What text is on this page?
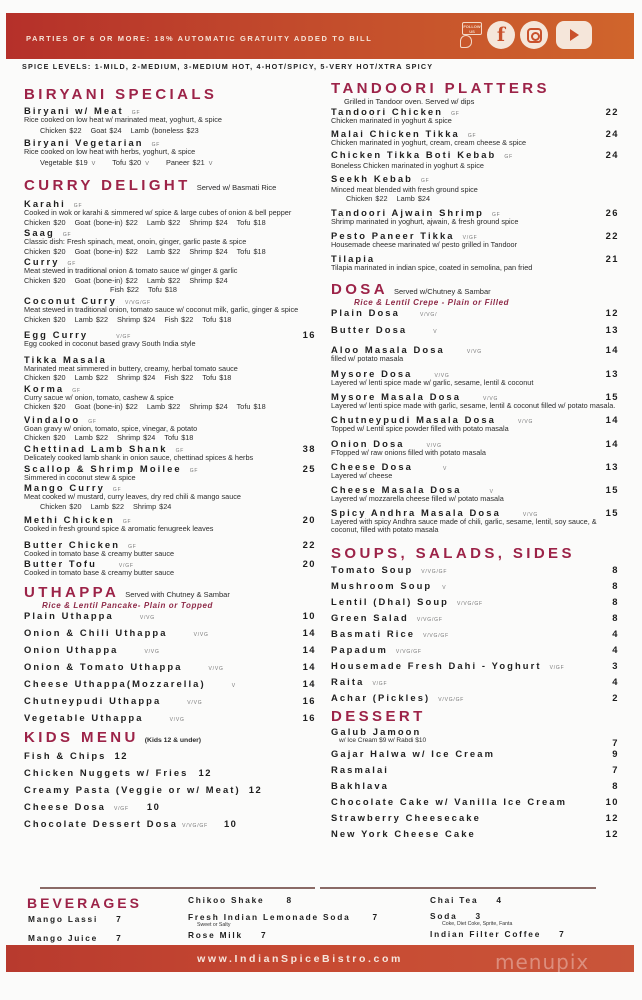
PARTIES OF 6 OR MORE: 18% AUTOMATIC GRATUITY ADDED TO BILL
FOLLOW US	f
SPICE LEVELS: 1-MILD, 2-MEDIUM, 3-MEDIUM HOT, 4-HOT/SPICY, 5-VERY HOT/XTRA SPICY
BIRYANI SPECIALS
Biryani w/ Meat GF
Rice cooked on low heat w/ marinated meat, yoghurt, & spice
Chicken $22 Goat $24 Lamb (boneless $23
Biryani Vegetarian GF
Rice cooked on low heat with herbs, yoghurt, & spice
Vegetable $19 V Tofu $20 V Paneer $21 V
CURRY DELIGHT Served w/ Basmati Rice
Karahi GF
Cooked in wok or karahi & simmered w/ spice & large cubes of onion & bell pepper
Chicken $20 Goat (bone-in) $22 Lamb $22 Shrimp $24 Tofu $18
Saag GF
Classic dish: Fresh spinach, meat, onoin, ginger, garlic paste & spice
Chicken $20 Goat (bone-in) $22 Lamb $22 Shrimp $24 Tofu $18
Curry GF
Meat stewed in traditional onion & tomato sauce w/ ginger & garlic
Chicken $20 Goat (bone-in) $22 Lamb $22 Shrimp $24
Fish $22 Tofu $18
Coconut Curry V/VG/GF
Meat stewed in traditional onion, tomato sauce w/ coconut milk, garlic, ginger & spice
Chicken $20 Lamb $22 Shrimp $24 Fish $22 Tofu $18
Egg Curry	V/GF	16
Egg cooked in coconut based gravy South India style
Tikka Masala
Marinated meat simmered in buttery, creamy, herbal tomato sauce
Chicken $20 Lamb $22 Shrimp $24 Fish $22 Tofu $18
Korma GF
Curry sacue w/ onion, tomato, cashew & spice
Chicken $20 Goat (bone-in) $22 Lamb $22 Shrimp $24 Tofu $18
Vindaloo GF
Goan gravy w/ onion, tomato, spice, vinegar, & potato
Chicken $20 Lamb $22 Shrimp $24 Tofu $18
Chettinad Lamb Shank GF	38
Delicately cooked lamb shank in onion sauce, chettinad spices & herbs
Scallop & Shrimp Moilee GF	25
Simmered in coconut stew & spice
Mango Curry GF
Meat cooked w/ mustard, curry leaves, dry red chili & mango sauce
Chicken $20 Lamb $22 Shrimp $24
Methi Chicken GF	20
Cooked in fresh ground spice & aromatic fenugreek leaves
Butter Chicken GF	22
Cooked in tomato base & creamy butter sauce
Butter Tofu	V/GF	20
Cooked in tomato base & creamy butter sauce
UTHAPPA Served with Chutney & Sambar
Rice & Lentil Pancake- Plain or Topped
Plain Uthappa	V/VG	10
Onion & Chili Uthappa	V/VG	14
Onion Uthappa	V/VG	14
Onion & Tomato Uthappa	V/VG	14
Cheese Uthappa(Mozzarella)	V	14
Chutneypudi Uthappa	V/VG	16
Vegetable Uthappa	V/VG	16
KIDS MENU (Kids 12 & under)
Fish & Chips 12
Chicken Nuggets w/ Fries 12
Creamy Pasta (Veggie or w/ Meat) 12
Cheese Dosa V/GF 10
Chocolate Dessert Dosa V/VG/GF 10
TANDOORI PLATTERS
Grilled in Tandoor oven. Served w/ dips
Tandoori Chicken GF	22
Chicken marinated in yoghurt & spice
Malai Chicken Tikka GF	24
Chicken marinated in yoghurt, cream, cream cheese & spice
Chicken Tikka Boti Kebab GF	24
Boneless Chicken marinated in yoghurt & spice
Seekh Kebab GF
Minced meat blended with fresh ground spice
Chicken $22 Lamb $24
Tandoori Ajwain Shrimp GF	26
Shrimp marinated in yoghurt, ajwain, & fresh ground spice
Pesto Paneer Tikka V/GF	22
Housemade cheese marinated w/ pesto grilled in Tandoor
Tilapia	21
Tilapia marinated in indian spice, coated in semolina, pan fried
DOSA Served w/Chutney & Sambar
Rice & Lentil Crepe - Plain or Filled
Plain Dosa	V/VG/	12
Butter Dosa	V	13
Aloo Masala Dosa	V/VG	14
filled w/ potato masala
Mysore Dosa	V/VG	13
Layered w/ lenti spice made w/ garlic, sesame, lentil & coconut
Mysore Masala Dosa	V/VG	15
Layered w/ lenti spice made with garlic, sesame, lentil & coconut filled w/ potato masala.
Chutneypudi Masala Dosa	V/VG	14
Topped w/ Lentil spice powder filled with potato masala
Onion Dosa	V/VG	14
FTopped w/ raw onions filled with potato masala
Cheese Dosa	V	13
Layered w/ cheese
Cheese Masala Dosa	V	15
Layered w/ mozzarella cheese filled w/ potato masala
Spicy Andhra Masala Dosa	V/VG	15
Layered with spicy Andhra sauce made of chili, garlic, sesame, lentil, soy sauce, & coconut, filled with potato masala
SOUPS, SALADS, SIDES
Tomato Soup V/VG/GF	8
Mushroom Soup V	8
Lentil (Dhal) Soup V/VG/GF	8
Green Salad V/VG/GF	8
Basmati Rice V/VG/GF	4
Papadum V/VG/GF	4
Housemade Fresh Dahi - Yoghurt V/GF	3
Raita V/GF	4
Achar (Pickles) V/VG/GF	2
DESSERT
Galub Jamoon
w/ Ice Cream $9 w/ Rabdi $10	7
Gajar Halwa w/ Ice Cream	9
Rasmalai	7
Bakhlava	8
Chocolate Cake w/ Vanilla Ice Cream	10
Strawberry Cheesecake	12
New York Cheese Cake	12
BEVERAGES
Mango Lassi 7
Mango Juice 7
Chikoo Shake	8
Fresh Indian Lemonade Soda	7
Sweet or Salty
Rose Milk 7
Chai Tea 4
Soda 3
Coke, Diet Coke, Sprite, Fanta
Indian Filter Coffee 7
www.IndianSpiceBistro.com	menupix
